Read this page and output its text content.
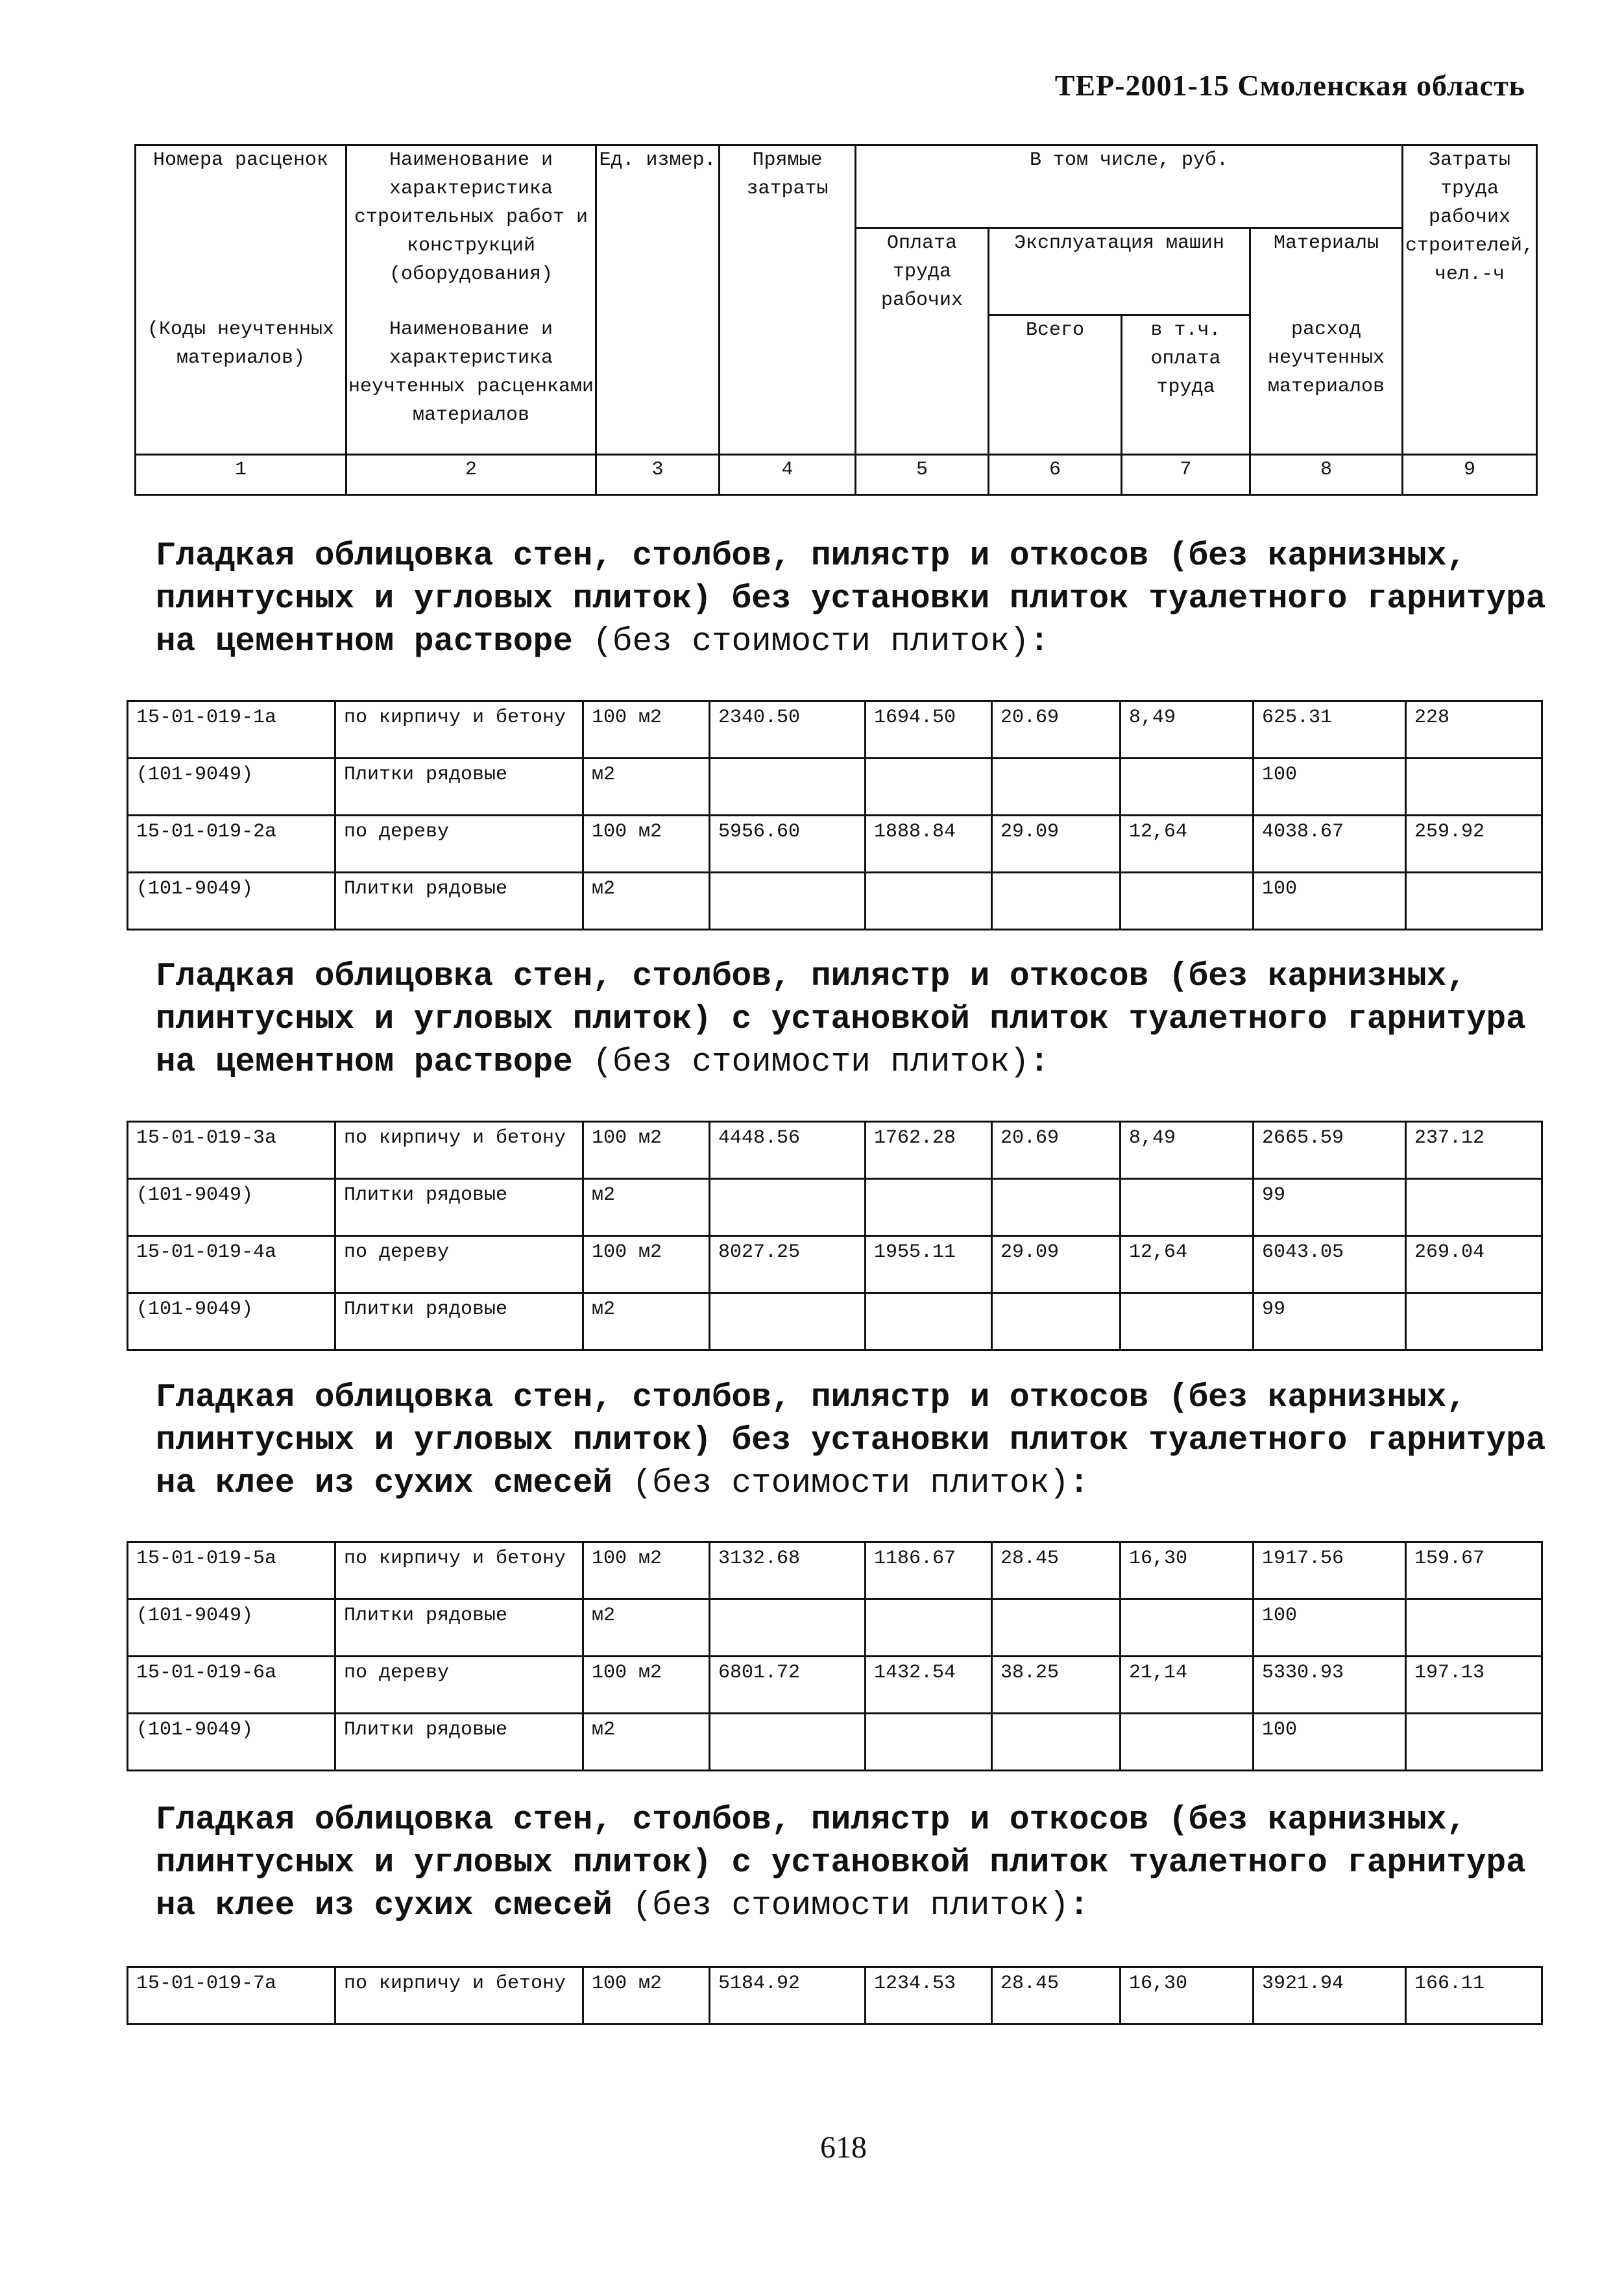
ТЕР-2001-15 Смоленская область
Номера расценок	Наименование и характеристика строительных работ и конструкций (оборудования)	Ед. измер.	Прямые затраты	В том числе, руб.				Затраты труда рабочих строителей, чел.-ч
				Оплата труда рабочих	Эксплуатация машин		Материалы	
(Коды неучтенных материалов)	Наименование и характеристика неучтенных расценками материалов				Всего	в т.ч. оплата труда	расход неучтенных материалов	
1	2	3	4	5	6	7	8	9
Гладкая облицовка стен, столбов, пилястр и откосов (без карнизных, плинтусных и угловых плиток) без установки плиток туалетного гарнитура на цементном растворе (без стоимости плиток):
15-01-019-1а	по кирпичу и бетону	100 м2	2340.50	1694.50	20.69	8,49	625.31	228
(101-9049)	Плитки рядовые	м2					100	
15-01-019-2а	по дереву	100 м2	5956.60	1888.84	29.09	12,64	4038.67	259.92
(101-9049)	Плитки рядовые	м2					100	
Гладкая облицовка стен, столбов, пилястр и откосов (без карнизных, плинтусных и угловых плиток) с установкой плиток туалетного гарнитура на цементном растворе (без стоимости плиток):
15-01-019-3а	по кирпичу и бетону	100 м2	4448.56	1762.28	20.69	8,49	2665.59	237.12
(101-9049)	Плитки рядовые	м2					99	
15-01-019-4а	по дереву	100 м2	8027.25	1955.11	29.09	12,64	6043.05	269.04
(101-9049)	Плитки рядовые	м2					99	
Гладкая облицовка стен, столбов, пилястр и откосов (без карнизных, плинтусных и угловых плиток) без установки плиток туалетного гарнитура на клее из сухих смесей (без стоимости плиток):
15-01-019-5а	по кирпичу и бетону	100 м2	3132.68	1186.67	28.45	16,30	1917.56	159.67
(101-9049)	Плитки рядовые	м2					100	
15-01-019-6а	по дереву	100 м2	6801.72	1432.54	38.25	21,14	5330.93	197.13
(101-9049)	Плитки рядовые	м2					100	
Гладкая облицовка стен, столбов, пилястр и откосов (без карнизных, плинтусных и угловых плиток) с установкой плиток туалетного гарнитура на клее из сухих смесей (без стоимости плиток):
15-01-019-7а	по кирпичу и бетону	100 м2	5184.92	1234.53	28.45	16,30	3921.94	166.11
618
